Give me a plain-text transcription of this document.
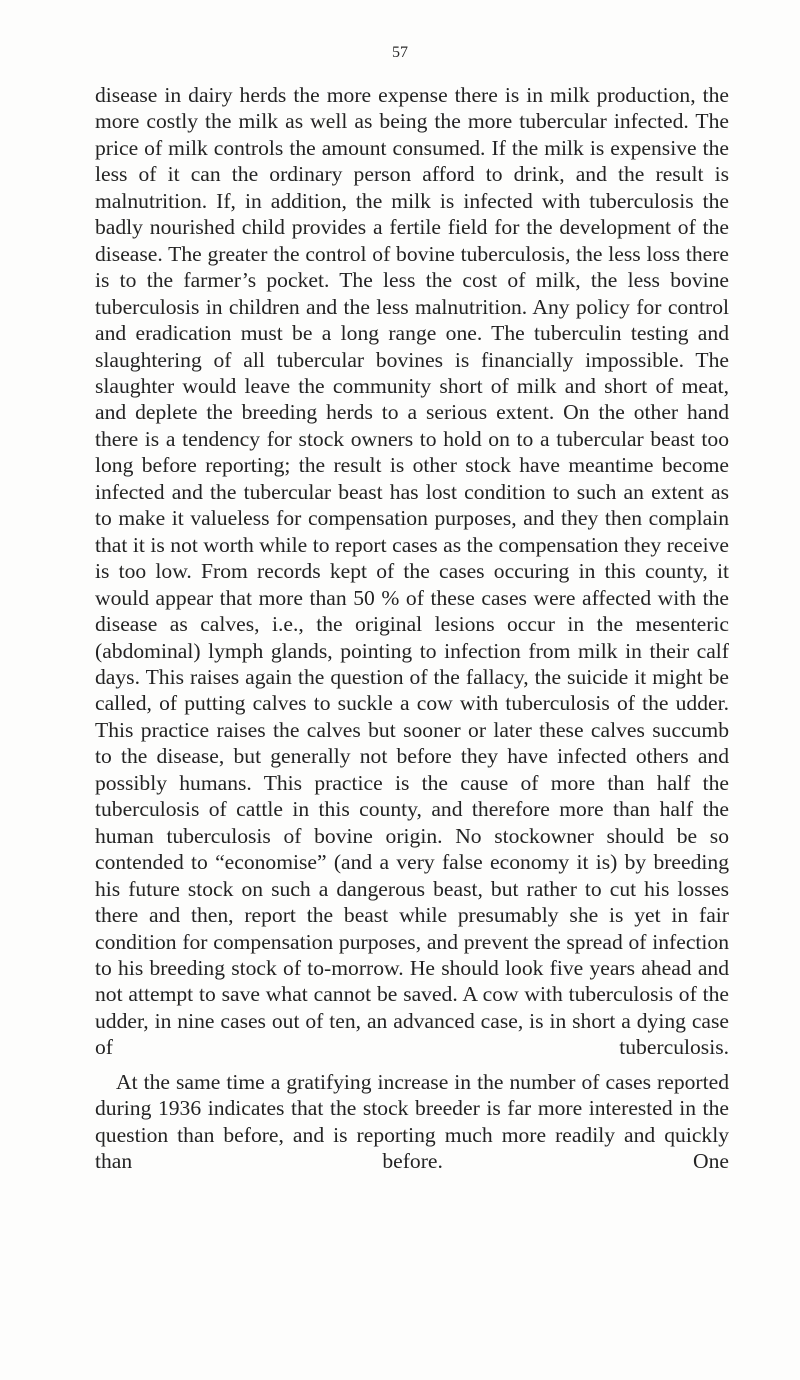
57

disease in dairy herds the more expense there is in milk production, the more costly the milk as well as being the more tubercular infected. The price of milk controls the amount consumed. If the milk is expensive the less of it can the ordinary person afford to drink, and the result is malnutrition. If, in addition, the milk is infected with tuberculosis the badly nourished child provides a fertile field for the development of the disease. The greater the control of bovine tuberculosis, the less loss there is to the farmer’s pocket. The less the cost of milk, the less bovine tuberculosis in children and the less malnutrition. Any policy for control and eradication must be a long range one. The tuberculin testing and slaughtering of all tubercular bovines is financially impossible. The slaughter would leave the community short of milk and short of meat, and deplete the breeding herds to a serious extent. On the other hand there is a tendency for stock owners to hold on to a tubercular beast too long before reporting; the result is other stock have meantime become infected and the tubercular beast has lost condition to such an extent as to make it valueless for compensation purposes, and they then complain that it is not worth while to report cases as the compensation they receive is too low. From records kept of the cases occuring in this county, it would appear that more than 50 % of these cases were affected with the disease as calves, i.e., the original lesions occur in the mesenteric (abdominal) lymph glands, pointing to infection from milk in their calf days. This raises again the question of the fallacy, the suicide it might be called, of putting calves to suckle a cow with tuberculosis of the udder. This practice raises the calves but sooner or later these calves succumb to the disease, but generally not before they have infected others and possibly humans. This practice is the cause of more than half the tuberculosis of cattle in this county, and therefore more than half the human tuberculosis of bovine origin. No stockowner should be so contended to “economise” (and a very false economy it is) by breeding his future stock on such a dangerous beast, but rather to cut his losses there and then, report the beast while presumably she is yet in fair condition for compensation purposes, and prevent the spread of infection to his breeding stock of to-morrow. He should look five years ahead and not attempt to save what cannot be saved. A cow with tuberculosis of the udder, in nine cases out of ten, an advanced case, is in short a dying case of tuberculosis.

At the same time a gratifying increase in the number of cases reported during 1936 indicates that the stock breeder is far more interested in the question than before, and is reporting much more readily and quickly than before. One
